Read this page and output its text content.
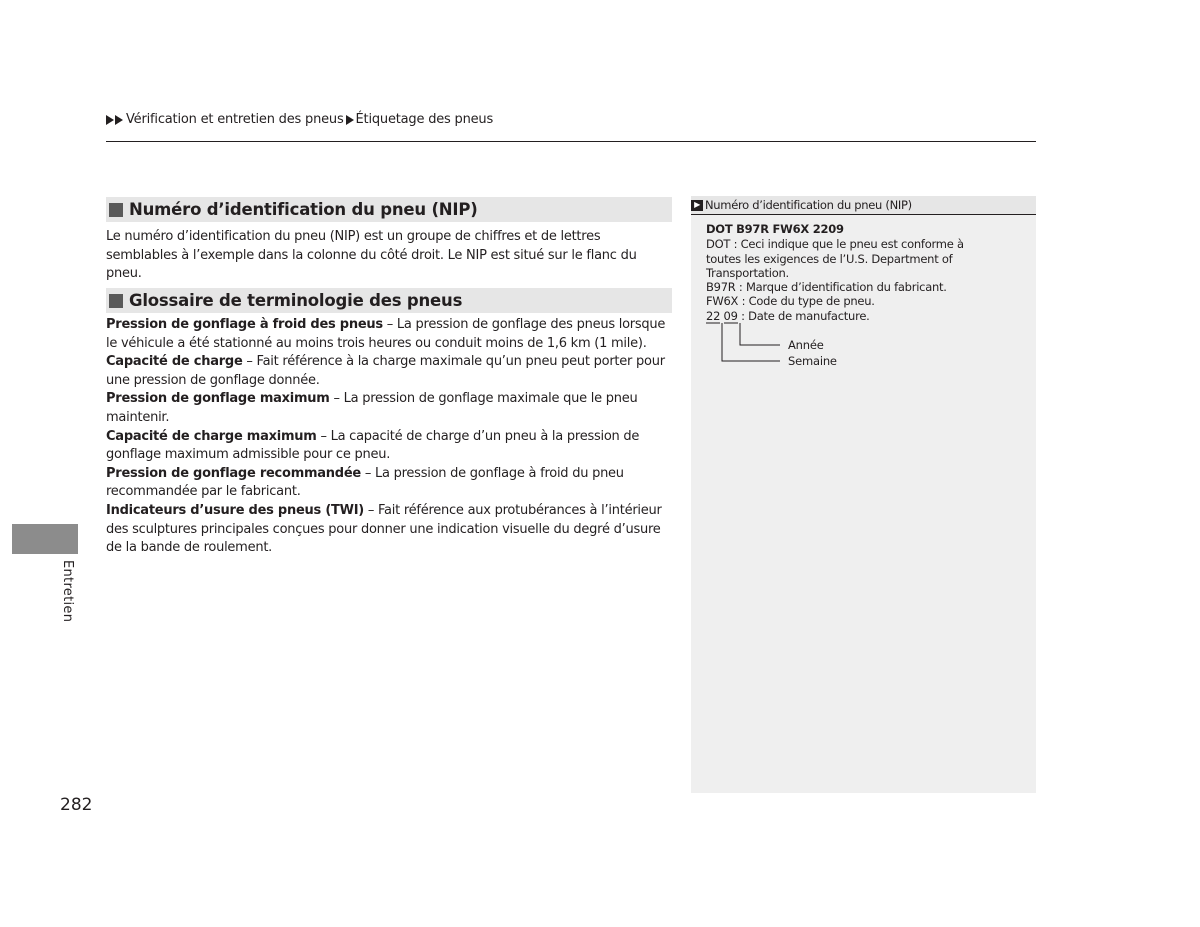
Vérification et entretien des pneus Étiquetage des pneus
Numéro d’identification du pneu (NIP)

Le numéro d’identification du pneu (NIP) est un groupe de chiffres et de lettres semblables à l’exemple dans la colonne du côté droit. Le NIP est situé sur le flanc du pneu.

Glossaire de terminologie des pneus

Pression de gonflage à froid des pneus – La pression de gonflage des pneus lorsque le véhicule a été stationné au moins trois heures ou conduit moins de 1,6 km (1 mile).

Capacité de charge – Fait référence à la charge maximale qu’un pneu peut porter pour une pression de gonflage donnée.

Pression de gonflage maximum – La pression de gonflage maximale que le pneu maintenir.

Capacité de charge maximum – La capacité de charge d’un pneu à la pression de gonflage maximum admissible pour ce pneu.

Pression de gonflage recommandée – La pression de gonflage à froid du pneu recommandée par le fabricant.

Indicateurs d’usure des pneus (TWI) – Fait référence aux protubérances à l’intérieur des sculptures principales conçues pour donner une indication visuelle du degré d’usure de la bande de roulement.

▶ Numéro d’identification du pneu (NIP)

DOT B97R FW6X 2209

DOT : Ceci indique que le pneu est conforme à

toutes les exigences de l’U.S. Department of

Transportation.

B97R : Marque d’identification du fabricant.

FW6X : Code du type de pneu.

22 09 : Date de manufacture.

Année
Semaine
Entretien
282
